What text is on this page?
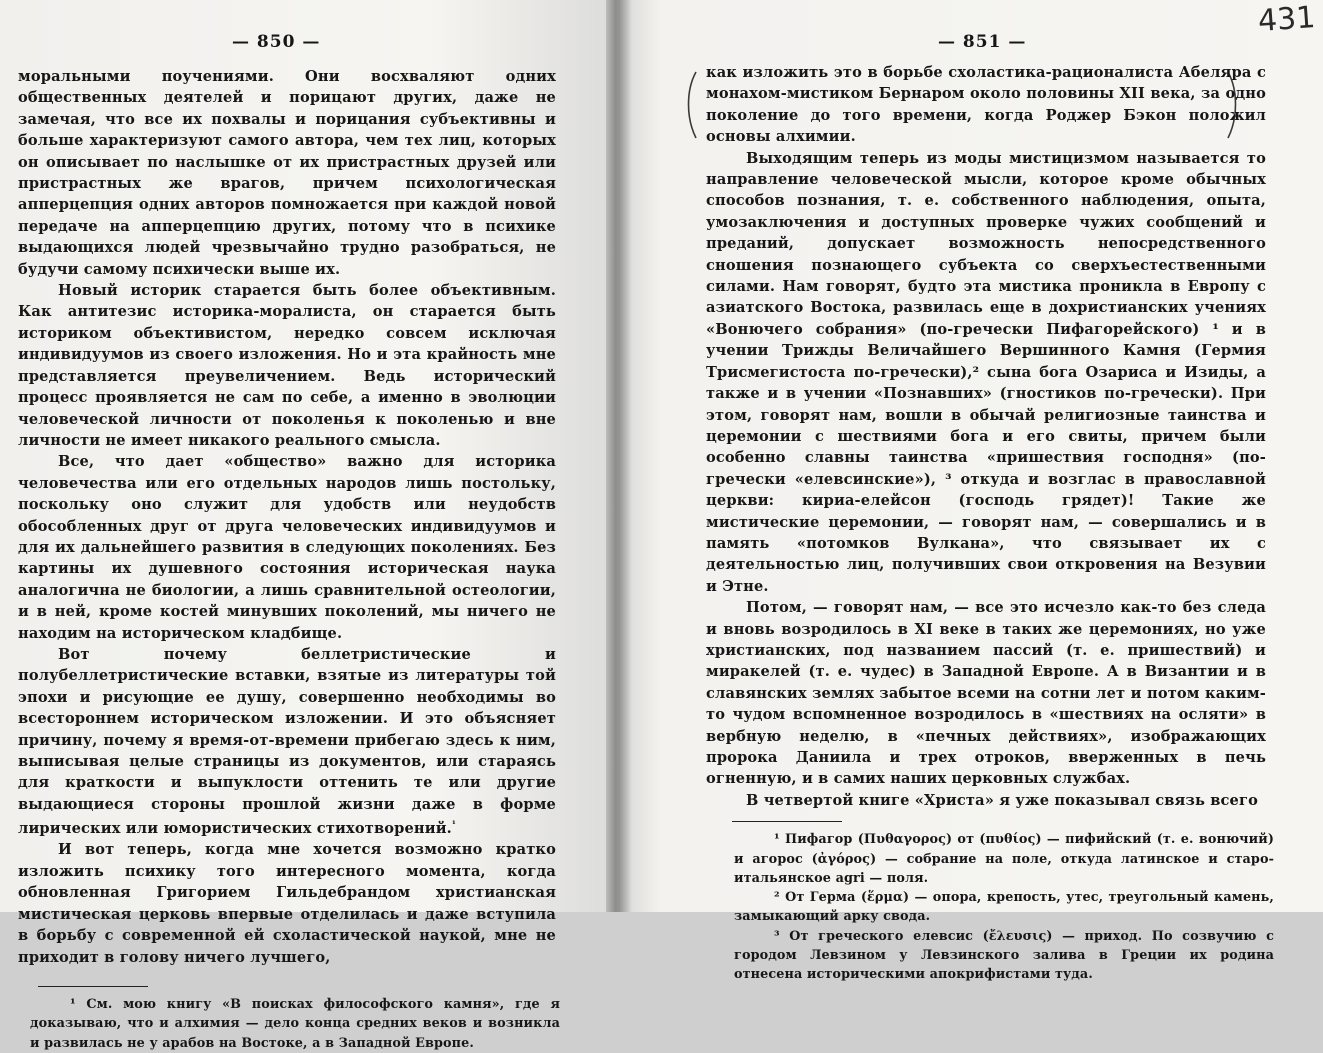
— 850 —

моральными поучениями. Они восхваляют одних общественных деятелей и порицают других, даже не замечая, что все их похвалы и порицания субъективны и больше характеризуют самого автора, чем тех лиц, которых он описывает по наслышке от их пристрастных друзей или пристрастных же врагов, причем психологическая апперцепция одних авторов помножается при каждой новой передаче на апперцепцию других, потому что в психике выдающихся людей чрезвычайно трудно разобраться, не будучи самому психически выше их.

Новый историк старается быть более объективным. Как антитезис историка-моралиста, он старается быть историком объективистом, нередко совсем исключая индивидуумов из своего изложения. Но и эта крайность мне представляется преувеличением. Ведь исторический процесс проявляется не сам по себе, а именно в эволюции человеческой личности от поколенья к поколенью и вне личности не имеет никакого реального смысла.

Все, что дает «общество» важно для историка человечества или его отдельных народов лишь постольку, поскольку оно служит для удобств или неудобств обособленных друг от друга человеческих индивидуумов и для их дальнейшего развития в следующих поколениях. Без картины их душевного состояния историческая наука аналогична не биологии, а лишь сравнительной остеологии, и в ней, кроме костей минувших поколений, мы ничего не находим на историческом кладбище.

Вот почему беллетристические и полубеллетристические вставки, взятые из литературы той эпохи и рисующие ее душу, совершенно необходимы во всестороннем историческом изложении. И это объясняет причину, почему я время-от-времени прибегаю здесь к ним, выписывая целые страницы из документов, или стараясь для краткости и выпуклости оттенить те или другие выдающиеся стороны прошлой жизни даже в форме лирических или юмористических стихотворений.$^{^1}$

И вот теперь, когда мне хочется возможно кратко изложить психику того интересного момента, когда обновленная Григорием Гильдебрандом христианская мистическая церковь впервые отделилась и даже вступила в борьбу с современной ей схоластической наукой, мне не приходит в голову ничего лучшего,

¹ См. мою книгу «В поисках философского камня», где я доказываю, что и алхимия — дело конца средних веков и возникла и развилась не у арабов на Востоке, а в Западной Европе.

— 851 —
431

как изложить это в борьбе схоластика-рационалиста Абеляра с монахом-мистиком Бернаром около половины XII века, за одно поколение до того времени, когда Роджер Бэкон положил основы алхимии.

Выходящим теперь из моды мистицизмом называется то направление человеческой мысли, которое кроме обычных способов познания, т. е. собственного наблюдения, опыта, умозаключения и доступных проверке чужих сообщений и преданий, допускает возможность непосредственного сношения познающего субъекта со сверхъестественными силами. Нам говорят, будто эта мистика проникла в Европу с азиатского Востока, развилась еще в дохристианских учениях «Вонючего собрания» (по-гречески Пифагорейского) ¹ и в учении Трижды Величайшего Вершинного Камня (Гермия Трисмегистоста по-гречески),² сына бога Озариса и Изиды, а также и в учении «Познавших» (гностиков по-гречески). При этом, говорят нам, вошли в обычай религиозные таинства и церемонии с шествиями бога и его свиты, причем были особенно славны таинства «пришествия господня» (по-гречески «елевсинские»), ³ откуда и возглас в православной церкви: кириа-елейсон (господь грядет)! Такие же мистические церемонии, — говорят нам, — совершались и в память «потомков Вулкана», что связывает их с деятельностью лиц, получивших свои откровения на Везувии и Этне.

Потом, — говорят нам, — все это исчезло как-то без следа и вновь возродилось в XI веке в таких же церемониях, но уже христианских, под названием пассий (т. е. пришествий) и миракелей (т. е. чудес) в Западной Европе. А в Византии и в славянских землях забытое всеми на сотни лет и потом каким-то чудом вспомненное возродилось в «шествиях на осляти» в вербную неделю, в «печных действиях», изображающих пророка Даниила и трех отроков, вверженных в печь огненную, и в самих наших церковных службах.

В четвертой книге «Христа» я уже показывал связь всего

¹ Пифагор (Πυθαγορος) от (πυθίος) — пифийский (т. е. вонючий) и агорос (ἀγόρος) — собрание на поле, откуда латинское и старо-итальянское agri — поля.

² От Герма (ἕρμα) — опора, крепость, утес, треугольный камень, замыкающий арку свода.

³ От греческого елевсис (ἔλευσις) — приход. По созвучию с городом Левзином у Левзинского залива в Греции их родина отнесена историческими апокрифистами туда.
